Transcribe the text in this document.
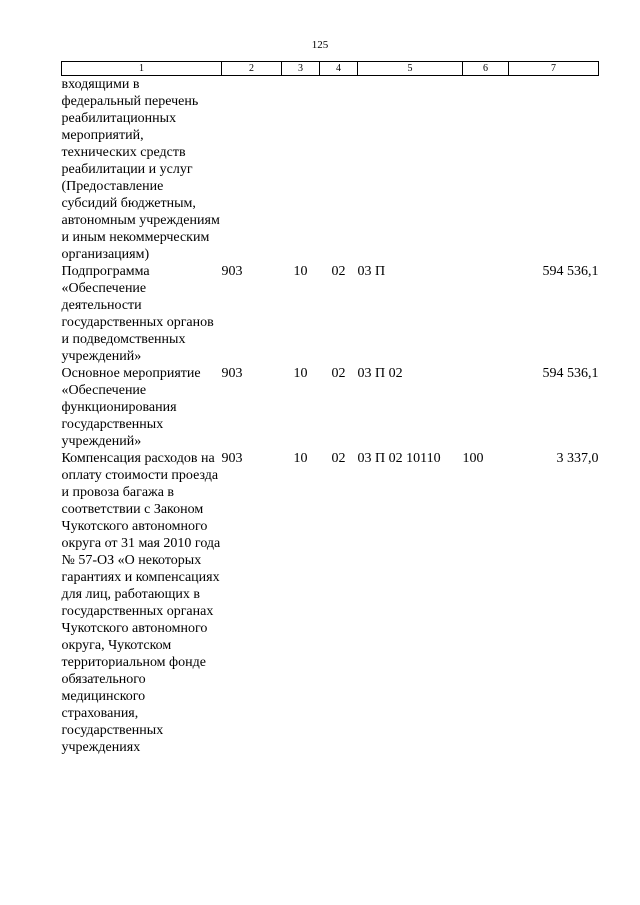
125
1	2	3	4	5	6	7
входящими в федеральный перечень реабилитационных мероприятий, технических средств реабилитации и услуг (Предоставление субсидий бюджетным, автономным учреждениям и иным некоммерческим организациям)						
Подпрограмма «Обеспечение деятельности государственных органов и подведомственных учреждений»	903	10	02	03 П		594 536,1
Основное мероприятие «Обеспечение функционирования государственных учреждений»	903	10	02	03 П 02		594 536,1
Компенсация расходов на оплату стоимости проезда и провоза багажа в соответствии с Законом Чукотского автономного округа от 31 мая 2010 года № 57-ОЗ «О некоторых гарантиях и компенсациях для лиц, работающих в государственных органах Чукотского автономного округа, Чукотском территориальном фонде обязательного медицинского страхования, государственных учреждениях	903	10	02	03 П 02 10110	100	3 337,0
